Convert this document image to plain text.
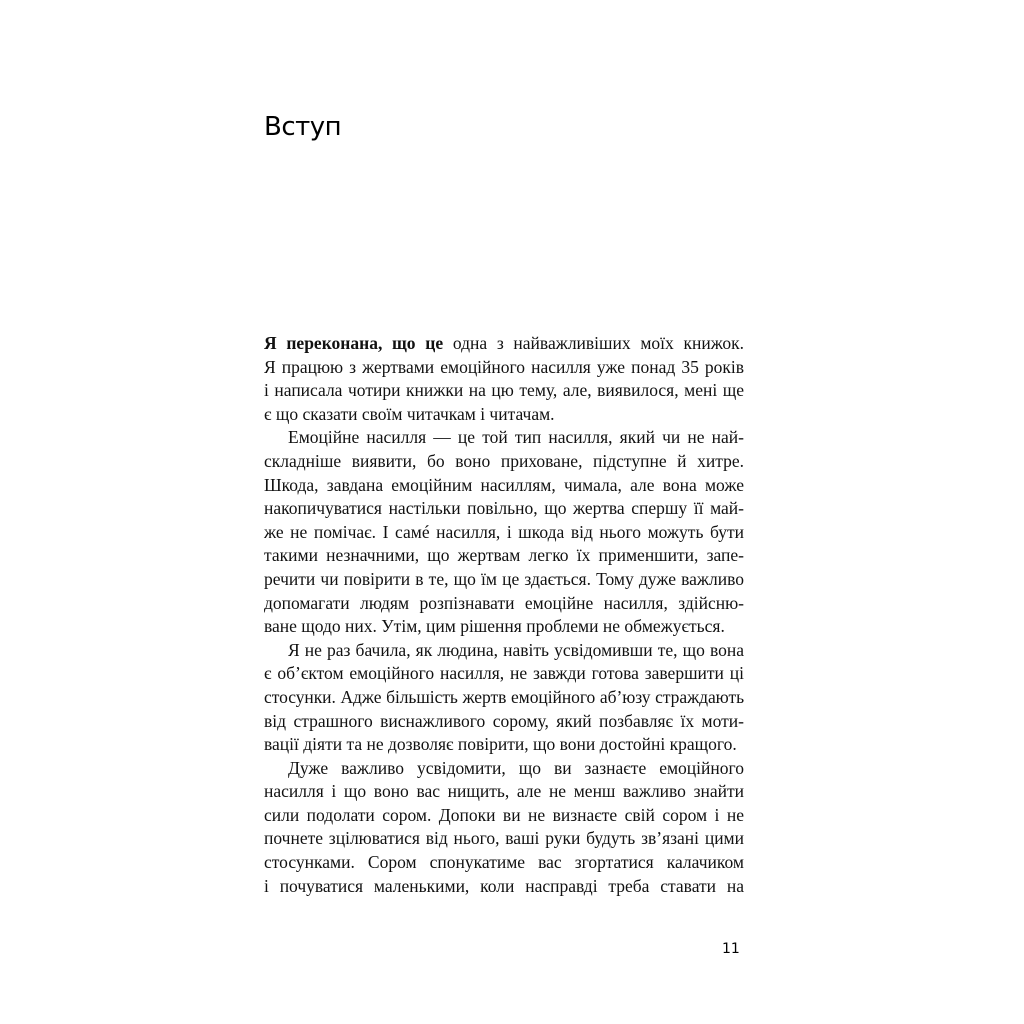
Вступ

Я переконана, що це одна з найважливіших моїх книжок.
Я працюю з жертвами емоційного насилля уже понад 35 років
і написала чотири книжки на цю тему, але, виявилося, мені ще
є що сказати своїм читачкам і читачам.

Емоційне насилля — це той тип насилля, який чи не най-
складніше виявити, бо воно приховане, підступне й хитре.
Шкода, завдана емоційним насиллям, чимала, але вона може
накопичуватися настільки повільно, що жертва спершу її май-
же не помічає. І самé насилля, і шкода від нього можуть бути
такими незначними, що жертвам легко їх применшити, запе-
речити чи повірити в те, що їм це здається. Тому дуже важливо
допомагати людям розпізнавати емоційне насилля, здійсню-
ване щодо них. Утім, цим рішення проблеми не обмежується.

Я не раз бачила, як людина, навіть усвідомивши те, що вона
є об’єктом емоційного насилля, не завжди готова завершити ці
стосунки. Адже більшість жертв емоційного аб’юзу страждають
від страшного виснажливого сорому, який позбавляє їх моти-
вації діяти та не дозволяє повірити, що вони достойні кращого.

Дуже важливо усвідомити, що ви зазнаєте емоційного
насилля і що воно вас нищить, але не менш важливо знайти
сили подолати сором. Допоки ви не визнаєте свій сором і не
почнете зцілюватися від нього, ваші руки будуть зв’язані цими
стосунками. Сором спонукатиме вас згортатися калачиком
і почуватися маленькими, коли насправді треба ставати на

11
